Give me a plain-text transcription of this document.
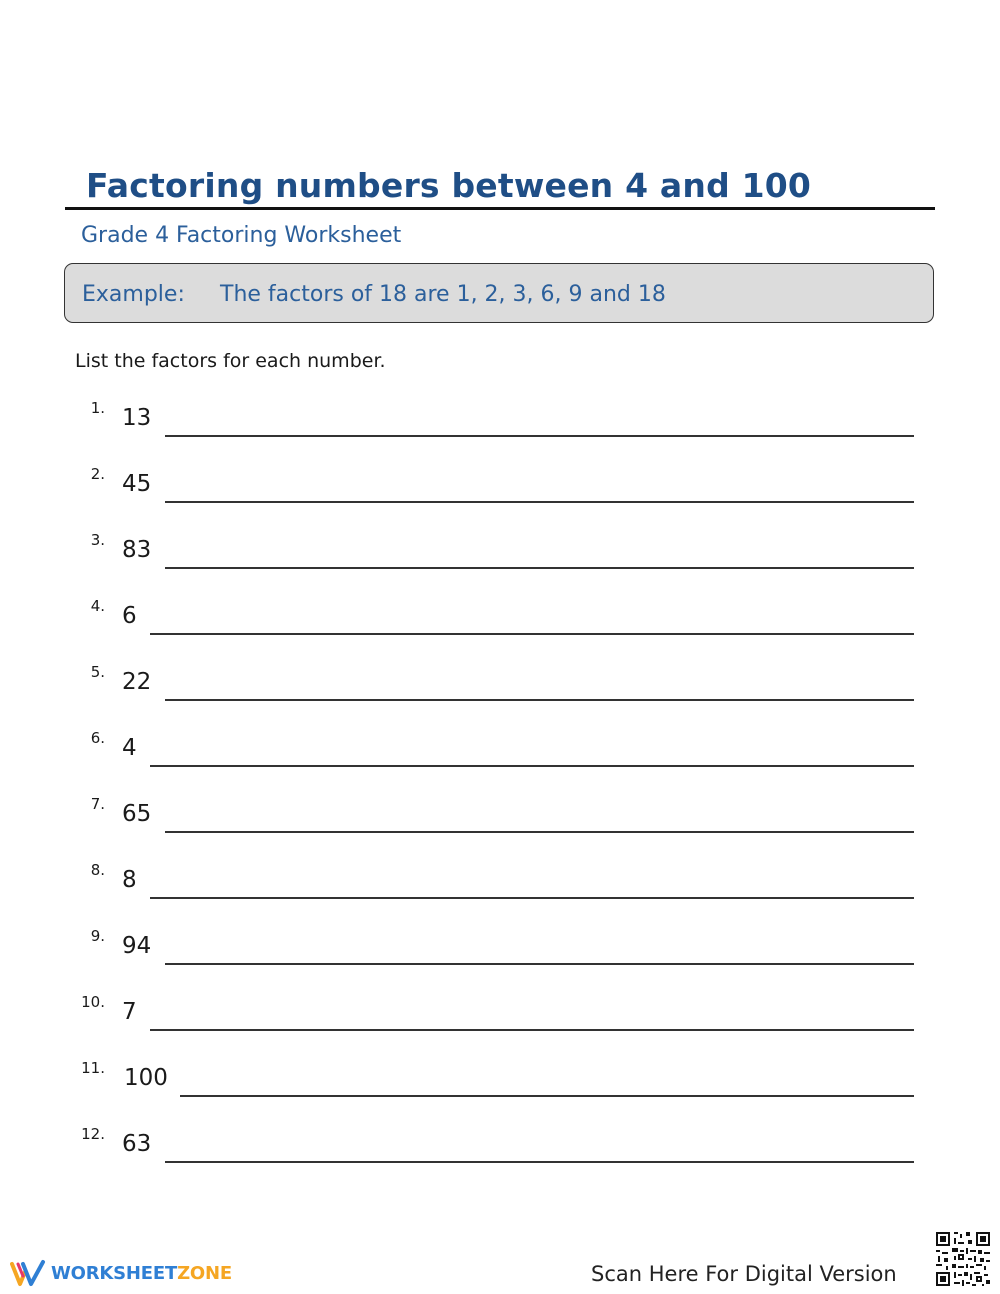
Factoring numbers between 4 and 100
Grade 4 Factoring Worksheet
Example: The factors of 18 are 1, 2, 3, 6, 9 and 18
List the factors for each number.
1. 13
2. 45
3. 83
4. 6
5. 22
6. 4
7. 65
8. 8
9. 94
10. 7
11. 100
12. 63
WORKSHEETZONE	Scan Here For Digital Version
